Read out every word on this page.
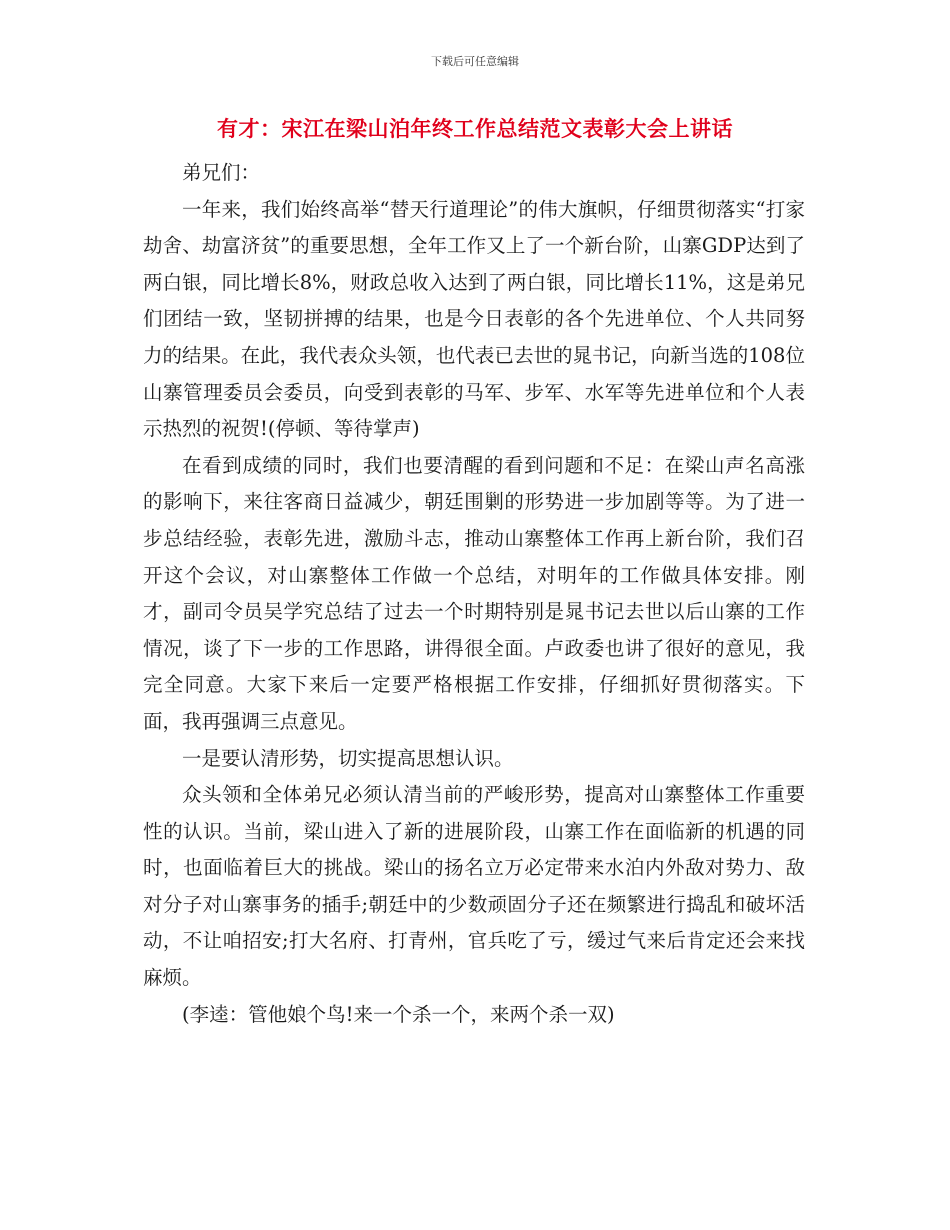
下载后可任意编辑
有才：宋江在梁山泊年终工作总结范文表彰大会上讲话

弟兄们：

一年来，我们始终高举“替天行道理论”的伟大旗帜，仔细贯彻落实“打家劫舍、劫富济贫”的重要思想，全年工作又上了一个新台阶，山寨GDP达到了两白银，同比增长8%，财政总收入达到了两白银，同比增长11%，这是弟兄们团结一致，坚韧拼搏的结果，也是今日表彰的各个先进单位、个人共同努力的结果。在此，我代表众头领，也代表已去世的晁书记，向新当选的108位山寨管理委员会委员，向受到表彰的马军、步军、水军等先进单位和个人表示热烈的祝贺!(停顿、等待掌声)

在看到成绩的同时，我们也要清醒的看到问题和不足：在梁山声名高涨的影响下，来往客商日益减少，朝廷围剿的形势进一步加剧等等。为了进一步总结经验，表彰先进，激励斗志，推动山寨整体工作再上新台阶，我们召开这个会议，对山寨整体工作做一个总结，对明年的工作做具体安排。刚才，副司令员吴学究总结了过去一个时期特别是晁书记去世以后山寨的工作情况，谈了下一步的工作思路，讲得很全面。卢政委也讲了很好的意见，我完全同意。大家下来后一定要严格根据工作安排，仔细抓好贯彻落实。下面，我再强调三点意见。

一是要认清形势，切实提高思想认识。

众头领和全体弟兄必须认清当前的严峻形势，提高对山寨整体工作重要性的认识。当前，梁山进入了新的进展阶段，山寨工作在面临新的机遇的同时，也面临着巨大的挑战。梁山的扬名立万必定带来水泊内外敌对势力、敌对分子对山寨事务的插手;朝廷中的少数顽固分子还在频繁进行捣乱和破坏活动，不让咱招安;打大名府、打青州，官兵吃了亏，缓过气来后肯定还会来找麻烦。

(李逵：管他娘个鸟!来一个杀一个，来两个杀一双)
